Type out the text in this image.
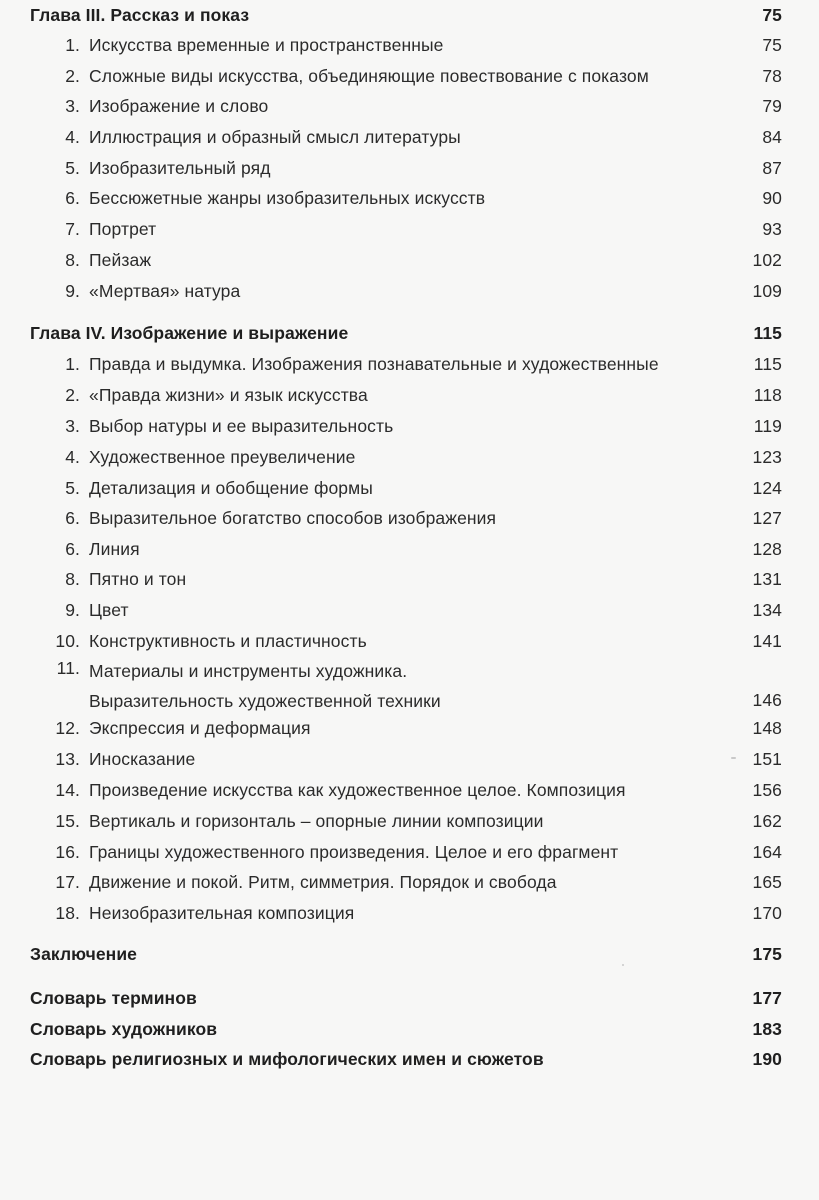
Глава III. Рассказ и показ	75
1. Искусства временные и пространственные	75
2. Сложные виды искусства, объединяющие повествование с показом	78
3. Изображение и слово	79
4. Иллюстрация и образный смысл литературы	84
5. Изобразительный ряд	87
6. Бессюжетные жанры изобразительных искусств	90
7. Портрет	93
8. Пейзаж	102
9. «Мертвая» натура	109
Глава IV. Изображение и выражение	115
1. Правда и выдумка. Изображения познавательные и художественные	115
2. «Правда жизни» и язык искусства	118
3. Выбор натуры и ее выразительность	119
4. Художественное преувеличение	123
5. Детализация и обобщение формы	124
6. Выразительное богатство способов изображения	127
6. Линия	128
8. Пятно и тон	131
9. Цвет	134
10. Конструктивность и пластичность	141
11. Материалы и инструменты художника.
Выразительность художественной техники	146
12. Экспрессия и деформация	148
13. Иносказание	151
14. Произведение искусства как художественное целое. Композиция	156
15. Вертикаль и горизонталь – опорные линии композиции	162
16. Границы художественного произведения. Целое и его фрагмент	164
17. Движение и покой. Ритм, симметрия. Порядок и свобода	165
18. Неизобразительная композиция	170
Заключение	175
Словарь терминов	177
Словарь художников	183
Словарь религиозных и мифологических имен и сюжетов	190
